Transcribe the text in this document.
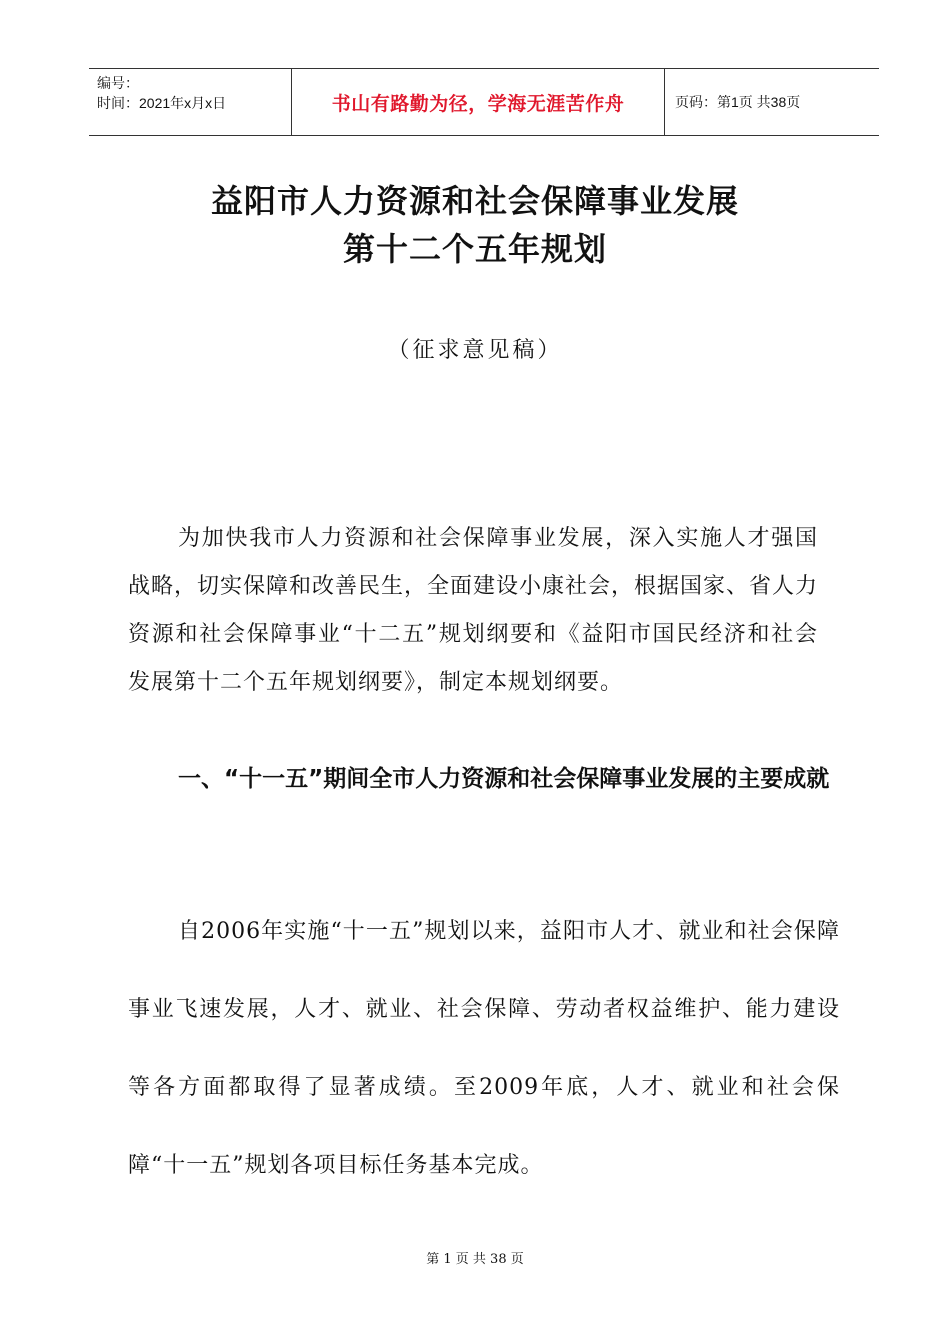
编号：
时间：2021年x月x日	书山有路勤为径，学海无涯苦作舟	页码：第1页 共38页
益阳市人力资源和社会保障事业发展
第十二个五年规划
（征求意见稿）
为加快我市人力资源和社会保障事业发展，深入实施人才强国战略，切实保障和改善民生，全面建设小康社会，根据国家、省人力资源和社会保障事业“十二五”规划纲要和《益阳市国民经济和社会发展第十二个五年规划纲要》，制定本规划纲要。
一、“十一五”期间全市人力资源和社会保障事业发展的主要成就
自2006年实施“十一五”规划以来，益阳市人才、就业和社会保障事业飞速发展，人才、就业、社会保障、劳动者权益维护、能力建设等各方面都取得了显著成绩。至2009年底，人才、就业和社会保障“十一五”规划各项目标任务基本完成。
第 1 页 共 38 页
